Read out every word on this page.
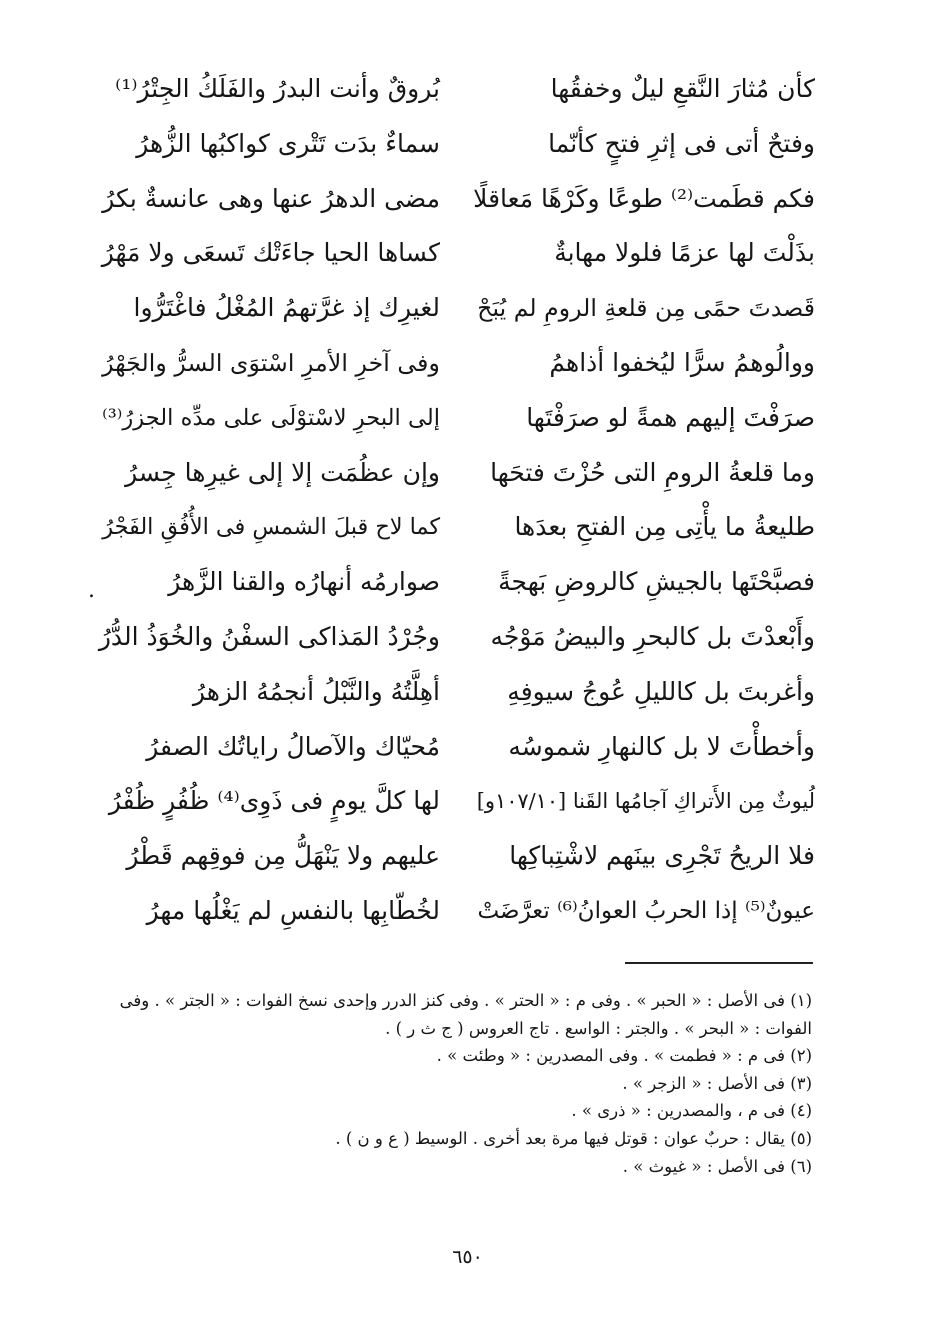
كأن مُثارَ النَّقعِ ليلٌ وخفقُها
وفتحٌ أتى فى إثرِ فتحٍ كأنّما
فكم قطَمت⁽²⁾ طوعًا وكَرْهًا مَعاقلًا
بذَلْتَ لها عزمًا فلولا مهابةٌ
قَصدتَ حمًى مِن قلعةِ الرومِ لم يُبَحْ
ووالُوهمُ سرًّا ليُخفوا أذاهمُ
صرَفْتَ إليهم همةً لو صرَفْتَها
وما قلعةُ الرومِ التى حُزْتَ فتحَها
طليعةُ ما يأْتِى مِن الفتحِ بعدَها
فصبَّحْتَها بالجيشِ كالروضِ بَهجةً
وأَبْعدْتَ بل كالبحرِ والبيضُ مَوْجُه
وأغربتَ بل كالليلِ عُوجُ سيوفِهِ
وأخطأْتَ لا بل كالنهارِ شموسُه
لُيوثٌ مِن الأَتراكِ آجامُها القَنا [١٠٧/١٠و]
فلا الريحُ تَجْرِى بينَهم لاشْتِباكِها
عيونٌ⁽⁵⁾ إذا الحربُ العوانُ⁽⁶⁾ تعرَّضَتْ
بُروقٌ وأنت البدرُ والفَلَكُ الجِتْرُ⁽¹⁾
سماءٌ بدَت تَتْرى كواكبُها الزُّهرُ
مضى الدهرُ عنها وهى عانسةٌ بكرُ
كساها الحيا جاءَتْك تَسعَى ولا مَهْرُ
لغيرِك إذ غرَّتهمُ المُغْلُ فاغْتَرُّوا
وفى آخرِ الأمرِ اسْتوَى السرُّ والجَهْرُ
إلى البحرِ لاسْتوْلَى على مدِّه الجزرُ⁽³⁾
وإن عظُمَت إلا إلى غيرِها جِسرُ
كما لاح قبلَ الشمسِ فى الأُفُقِ الفَجْرُ
صوارمُه أنهارُه والقنا الزَّهرُ
وجُرْدُ المَذاكى السفْنُ والخُوَذُ الدُّرُ
أهِلَّتُهُ والنَّبْلُ أنجمُهُ الزهرُ
مُحيّاك والآصالُ راياتُك الصفرُ
لها كلَّ يومٍ فى ذَوِى⁽⁴⁾ ظُفُرٍ ظُفْرُ
عليهم ولا يَنْهَلُّ مِن فوقِهم قَطْرُ
لخُطّابِها بالنفسِ لم يَغْلُها مهرُ
.

(١) فى الأصل : « الحبر » . وفى م : « الحتر » . وفى كنز الدرر وإحدى نسخ الفوات : « الجتر » . وفى

الفوات : « البحر » . والجتر : الواسع . تاج العروس ( ج ث ر ) .

(٢) فى م : « فطمت » . وفى المصدرين : « وطئت » .

(٣) فى الأصل : « الزجر » .

(٤) فى م ، والمصدرين : « ذرى » .

(٥) يقال : حربٌ عوان : قوتل فيها مرة بعد أخرى . الوسيط ( ع و ن ) .

(٦) فى الأصل : « غيوث » .

٦٥٠
